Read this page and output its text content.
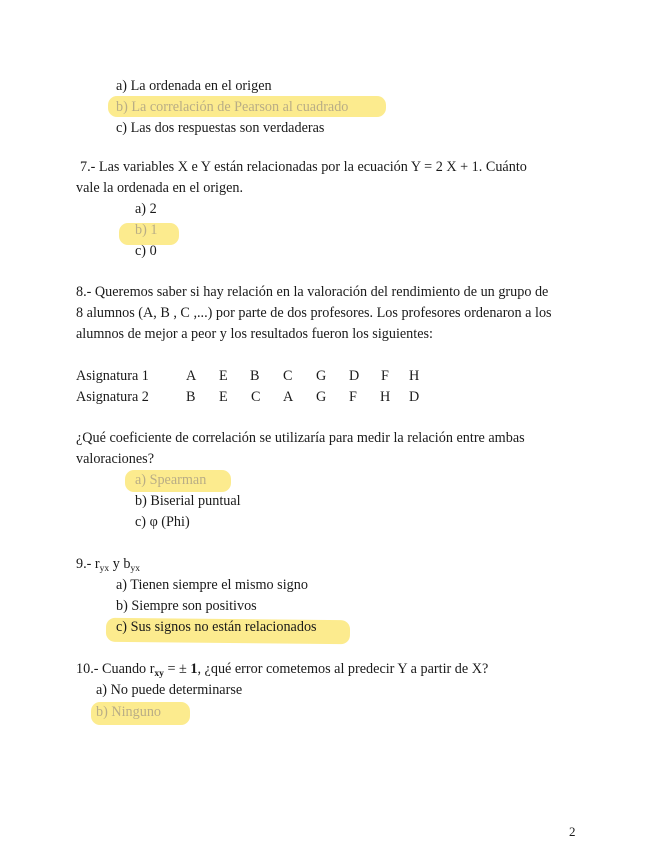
a) La ordenada en el origen
b) La correlación de Pearson al cuadrado
c) Las dos respuestas son verdaderas
7.- Las variables X e Y están relacionadas por la ecuación Y = 2 X + 1. Cuánto
vale la ordenada en el origen.
a) 2
b) 1
c) 0
8.- Queremos saber si hay relación en la valoración del rendimiento de un grupo de
8 alumnos (A, B , C ,...) por parte de dos profesores. Los profesores ordenaron a los
alumnos de mejor a peor y los resultados fueron los siguientes:
Asignatura 1	A E B C G D F H
Asignatura 2	B E C A G F H D
¿Qué coeficiente de correlación se utilizaría para medir la relación entre ambas
valoraciones?
a) Spearman
b) Biserial puntual
c) φ (Phi)
9.- $r_{yx}$ y $b_{yx}$
a) Tienen siempre el mismo signo
b) Siempre son positivos
c) Sus signos no están relacionados
10.- Cuando $r_{xy}$ = ± 1, ¿qué error cometemos al predecir Y a partir de X?
a) No puede determinarse
b) Ninguno
2
